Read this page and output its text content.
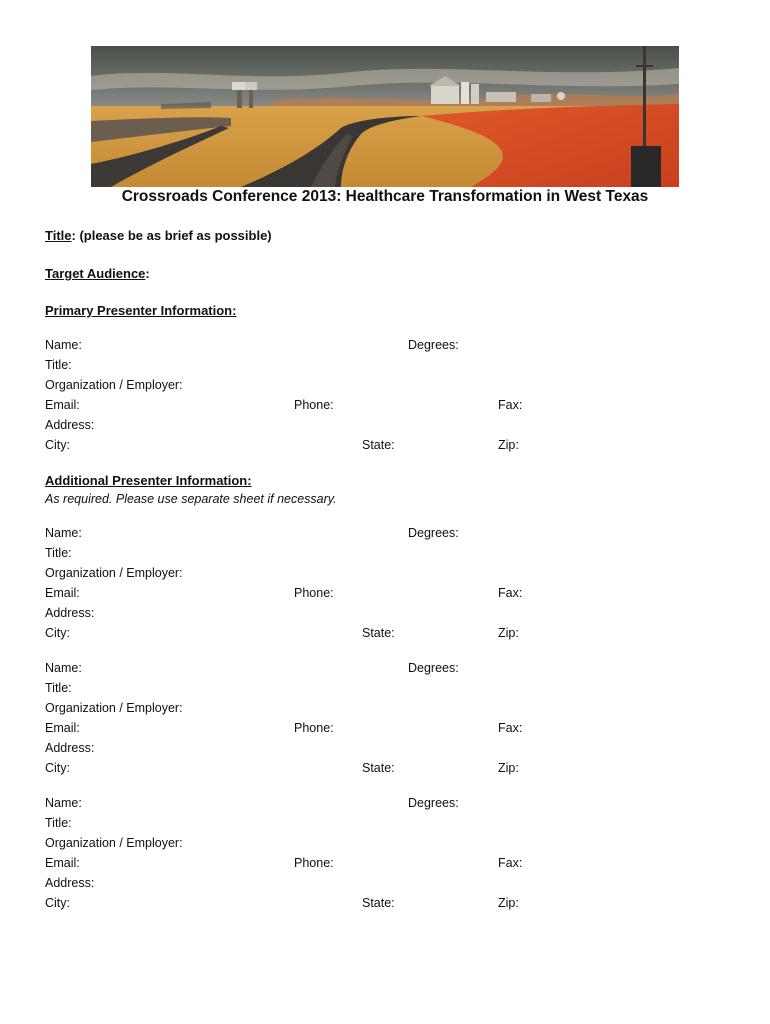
Crossroads Conference 2013: Healthcare Transformation in West Texas
Title: (please be as brief as possible)
Target Audience:
Primary Presenter Information:
Name:	Degrees:
Title:
Organization / Employer:
Email:	Phone:	Fax:
Address:
City:	State:	Zip:
Additional Presenter Information:
As required. Please use separate sheet if necessary.
Name:	Degrees:
Title:
Organization / Employer:
Email:	Phone:	Fax:
Address:
City:	State:	Zip:
Name:	Degrees:
Title:
Organization / Employer:
Email:	Phone:	Fax:
Address:
City:	State:	Zip:
Name:	Degrees:
Title:
Organization / Employer:
Email:	Phone:	Fax:
Address:
City:	State:	Zip:
